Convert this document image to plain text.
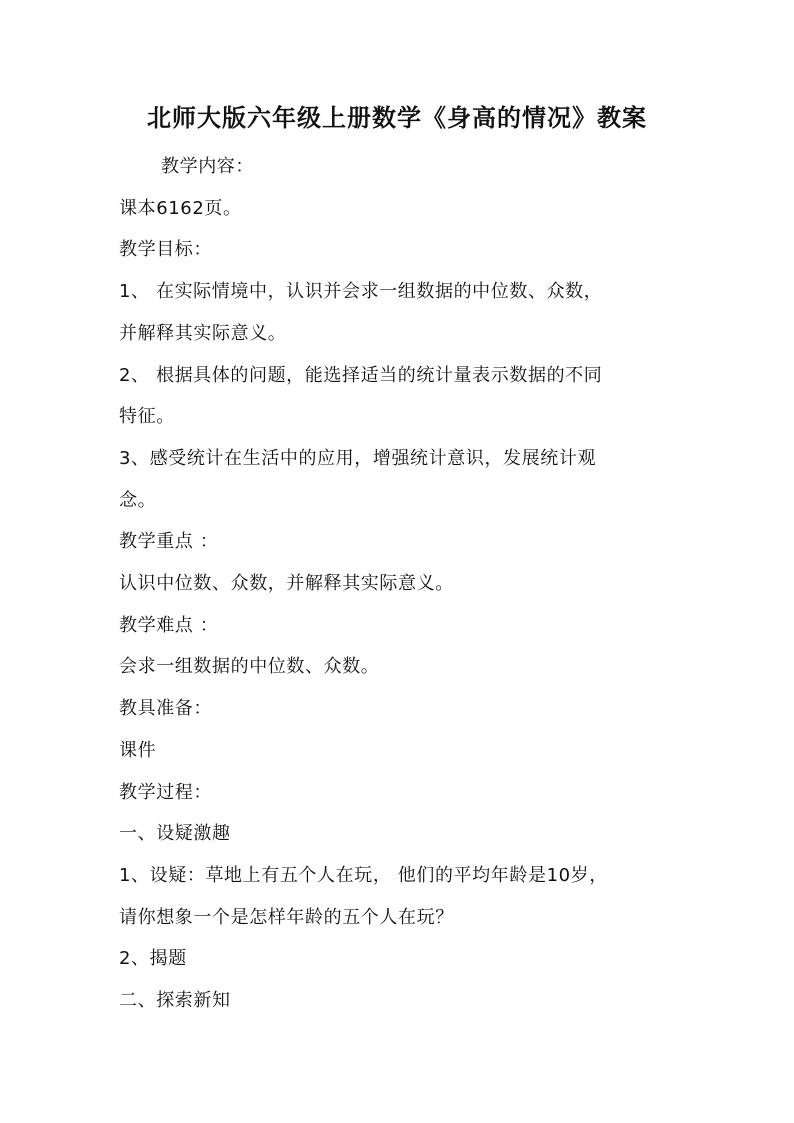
北师大版六年级上册数学《身高的情况》教案
教学内容：
课本6162页。
教学目标：
1、 在实际情境中，认识并会求一组数据的中位数、众数，
并解释其实际意义。
2、 根据具体的问题，能选择适当的统计量表示数据的不同
特征。
3、感受统计在生活中的应用，增强统计意识，发展统计观
念。
教学重点 ：
认识中位数、众数，并解释其实际意义。
教学难点 ：
会求一组数据的中位数、众数。
教具准备：
课件
教学过程：
一、设疑激趣
1、设疑：草地上有五个人在玩， 他们的平均年龄是10岁，
请你想象一个是怎样年龄的五个人在玩？
2、揭题
二、探索新知
